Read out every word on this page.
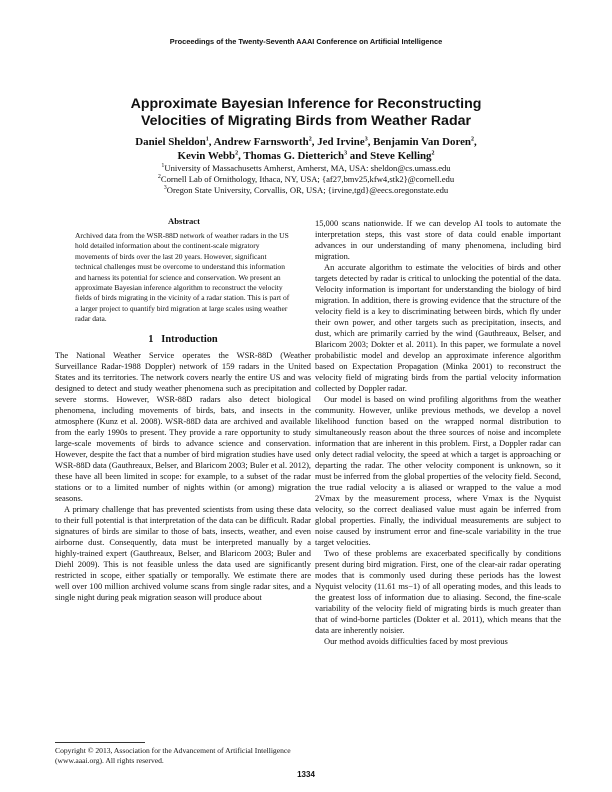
Proceedings of the Twenty-Seventh AAAI Conference on Artificial Intelligence
Approximate Bayesian Inference for Reconstructing
Velocities of Migrating Birds from Weather Radar
Daniel Sheldon$^1$, Andrew Farnsworth$^2$, Jed Irvine$^3$, Benjamin Van Doren$^2$,
Kevin Webb$^2$, Thomas G. Dietterich$^3$ and Steve Kelling$^2$
$^1$University of Massachusetts Amherst, Amherst, MA, USA: sheldon@cs.umass.edu
$^2$Cornell Lab of Ornithology, Ithaca, NY, USA; {af27,bmv25,kfw4,stk2}@cornell.edu
$^3$Oregon State University, Corvallis, OR, USA; {irvine,tgd}@eecs.oregonstate.edu
Abstract
Archived data from the WSR-88D network of weather radars in the US hold detailed information about the continent-scale migratory movements of birds over the last 20 years. However, significant technical challenges must be overcome to understand this information and harness its potential for science and conservation. We present an approximate Bayesian inference algorithm to reconstruct the velocity fields of birds migrating in the vicinity of a radar station. This is part of a larger project to quantify bird migration at large scales using weather radar data.
1 Introduction

The National Weather Service operates the WSR-88D (Weather Surveillance Radar-1988 Doppler) network of 159 radars in the United States and its territories. The network covers nearly the entire US and was designed to detect and study weather phenomena such as precipitation and severe storms. However, WSR-88D radars also detect biological phenomena, including movements of birds, bats, and insects in the atmosphere (Kunz et al. 2008). WSR-88D data are archived and available from the early 1990s to present. They provide a rare opportunity to study large-scale movements of birds to advance science and conservation. However, despite the fact that a number of bird migration studies have used WSR-88D data (Gauthreaux, Belser, and Blaricom 2003; Buler et al. 2012), these have all been limited in scope: for example, to a subset of the radar stations or to a limited number of nights within (or among) migration seasons.

A primary challenge that has prevented scientists from using these data to their full potential is that interpretation of the data can be difficult. Radar signatures of birds are similar to those of bats, insects, weather, and even airborne dust. Consequently, data must be interpreted manually by a highly-trained expert (Gauthreaux, Belser, and Blaricom 2003; Buler and Diehl 2009). This is not feasible unless the data used are significantly restricted in scope, either spatially or temporally. We estimate there are well over 100 million archived volume scans from single radar sites, and a single night during peak migration season will produce about

15,000 scans nationwide. If we can develop AI tools to automate the interpretation steps, this vast store of data could enable important advances in our understanding of many phenomena, including bird migration.

An accurate algorithm to estimate the velocities of birds and other targets detected by radar is critical to unlocking the potential of the data. Velocity information is important for understanding the biology of bird migration. In addition, there is growing evidence that the structure of the velocity field is a key to discriminating between birds, which fly under their own power, and other targets such as precipitation, insects, and dust, which are primarily carried by the wind (Gauthreaux, Belser, and Blaricom 2003; Dokter et al. 2011). In this paper, we formulate a novel probabilistic model and develop an approximate inference algorithm based on Expectation Propagation (Minka 2001) to reconstruct the velocity field of migrating birds from the partial velocity information collected by Doppler radar.

Our model is based on wind profiling algorithms from the weather community. However, unlike previous methods, we develop a novel likelihood function based on the wrapped normal distribution to simultaneously reason about the three sources of noise and incomplete information that are inherent in this problem. First, a Doppler radar can only detect radial velocity, the speed at which a target is approaching or departing the radar. The other velocity component is unknown, so it must be inferred from the global properties of the velocity field. Second, the true radial velocity a is aliased or wrapped to the value a mod 2Vmax by the measurement process, where Vmax is the Nyquist velocity, so the correct dealiased value must again be inferred from global properties. Finally, the individual measurements are subject to noise caused by instrument error and fine-scale variability in the true target velocities.

Two of these problems are exacerbated specifically by conditions present during bird migration. First, one of the clear-air radar operating modes that is commonly used during these periods has the lowest Nyquist velocity (11.61 ms−1) of all operating modes, and this leads to the greatest loss of information due to aliasing. Second, the fine-scale variability of the velocity field of migrating birds is much greater than that of wind-borne particles (Dokter et al. 2011), which means that the data are inherently noisier.

Our method avoids difficulties faced by most previous

Copyright © 2013, Association for the Advancement of Artificial Intelligence (www.aaai.org). All rights reserved.
1334
